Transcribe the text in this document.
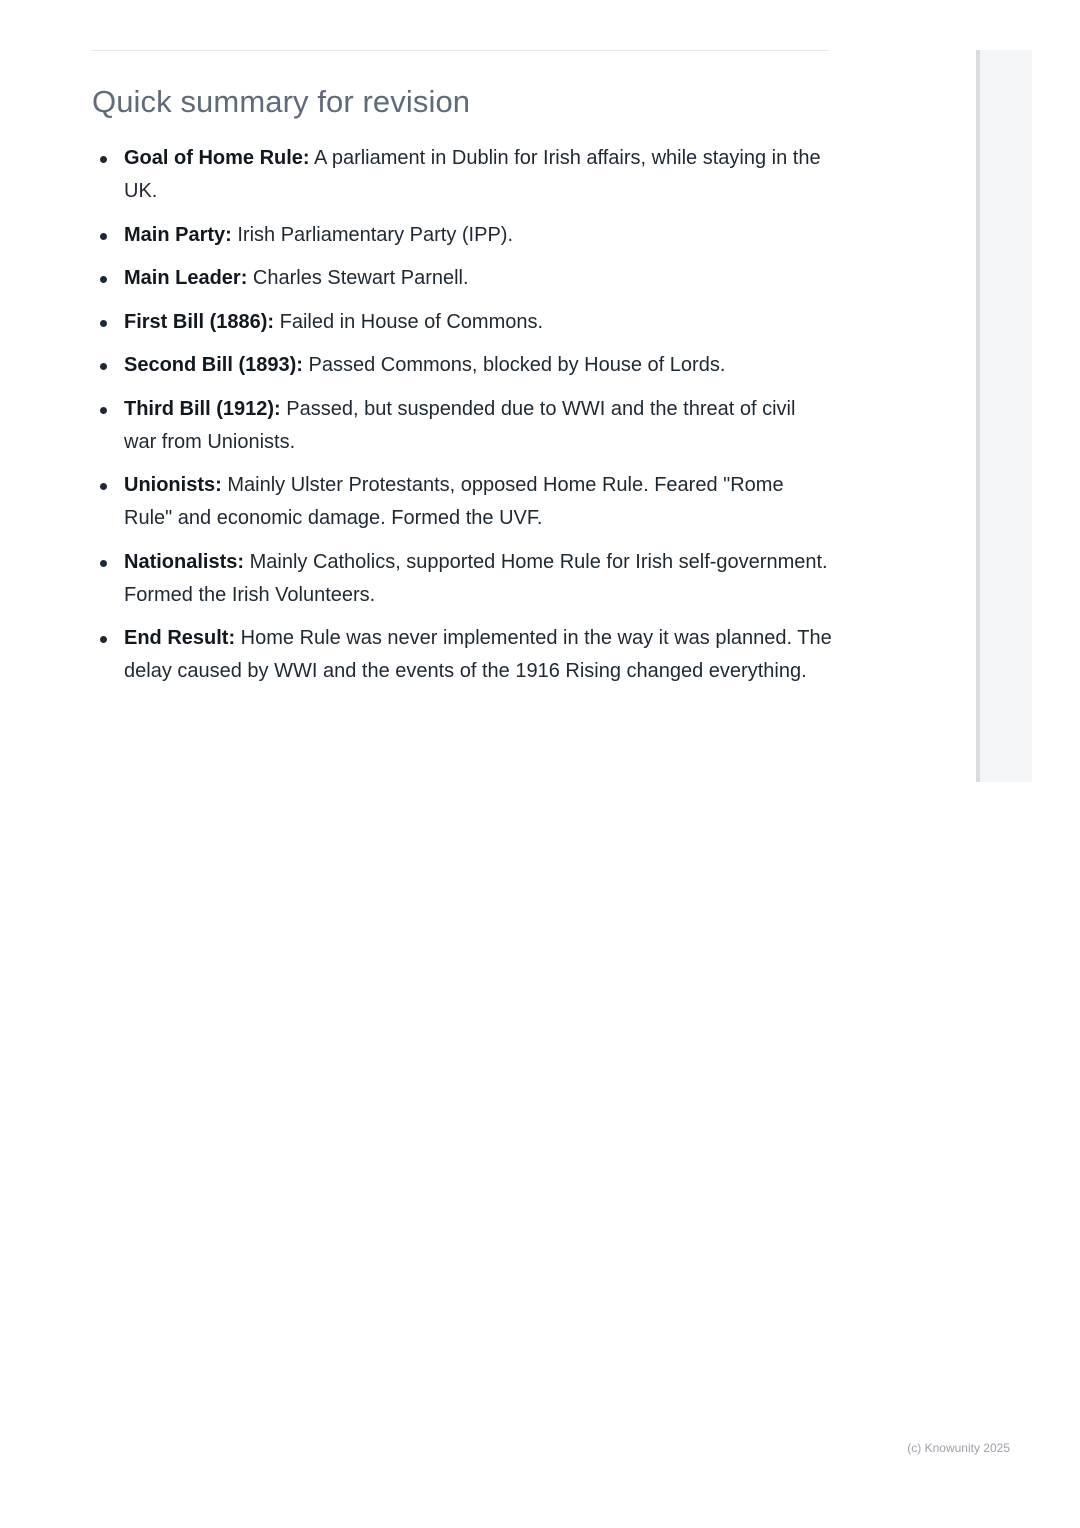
Quick summary for revision
Goal of Home Rule: A parliament in Dublin for Irish affairs, while staying in the UK.
Main Party: Irish Parliamentary Party (IPP).
Main Leader: Charles Stewart Parnell.
First Bill (1886): Failed in House of Commons.
Second Bill (1893): Passed Commons, blocked by House of Lords.
Third Bill (1912): Passed, but suspended due to WWI and the threat of civil war from Unionists.
Unionists: Mainly Ulster Protestants, opposed Home Rule. Feared "Rome Rule" and economic damage. Formed the UVF.
Nationalists: Mainly Catholics, supported Home Rule for Irish self-government. Formed the Irish Volunteers.
End Result: Home Rule was never implemented in the way it was planned. The delay caused by WWI and the events of the 1916 Rising changed everything.
(c) Knowunity 2025
